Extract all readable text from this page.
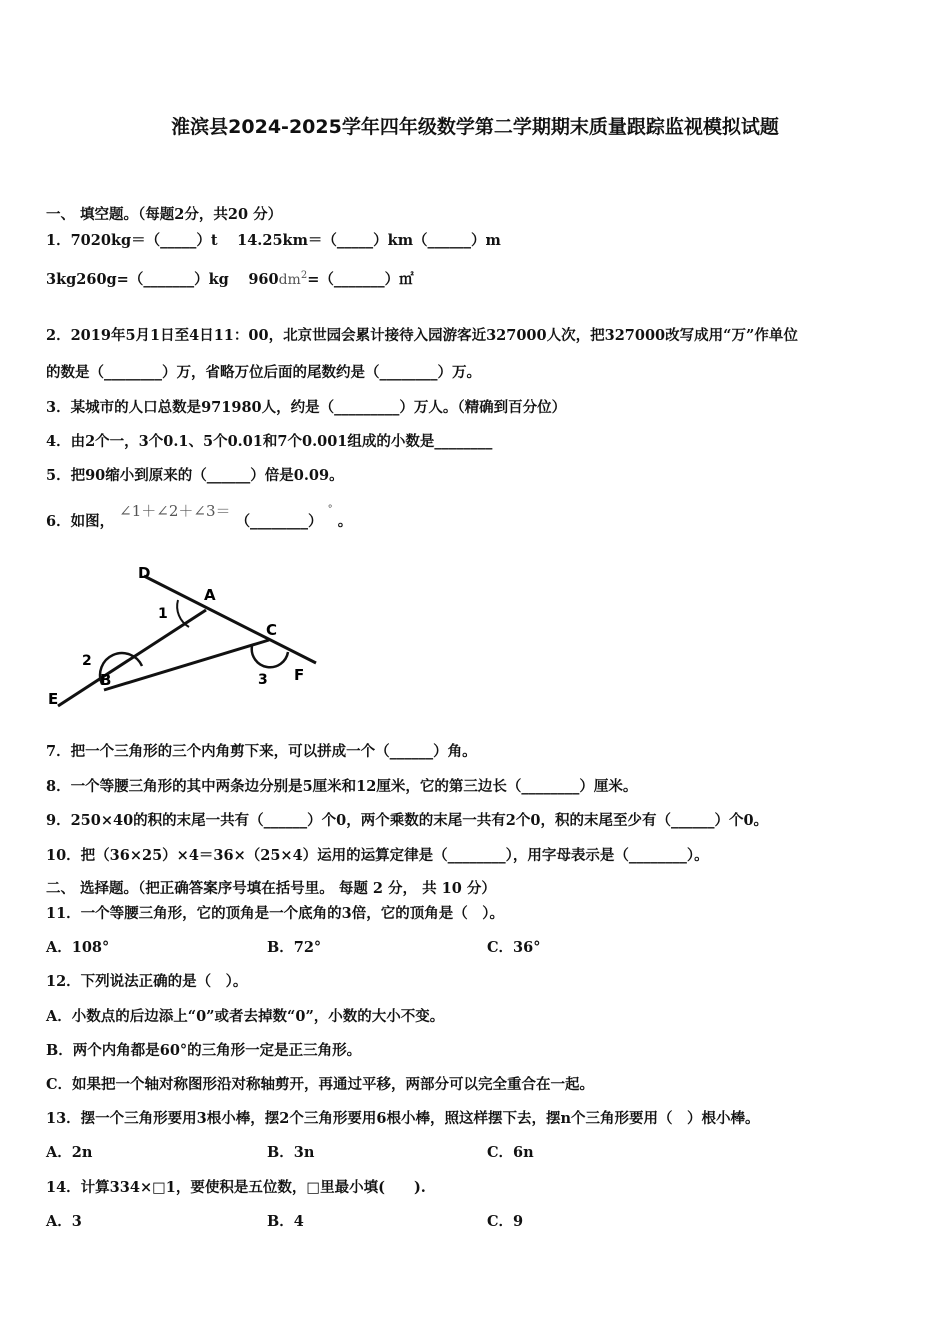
淮滨县2024-2025学年四年级数学第二学期期末质量跟踪监视模拟试题
一、 填空题。（每题2分，共20 分）
1．7020kg＝（_____）t　 14.25km＝（_____）km（______）m
3kg260g=（_______）kg　 $960dm^2=(\_\_\_\_\_\_\_)㎡$
2．2019年5月1日至4日11：00，北京世园会累计接待入园游客近327000人次，把327000改写成用“万”作单位
的数是（________）万，省略万位后面的尾数约是（________）万。
3．某城市的人口总数是971980人，约是（_________）万人。（精确到百分位）
4．由2个一，3个0.1、5个0.01和7个0.001组成的小数是________
5．把90缩小到原来的（______）倍是0.09。
6．如图， ∠1＋∠2＋∠3＝ （________） ° 。
D
A
C
F
B
E
1
2
3
7．把一个三角形的三个内角剪下来，可以拼成一个（______）角。
8．一个等腰三角形的其中两条边分别是5厘米和12厘米，它的第三边长（________）厘米。
9．250×40的积的末尾一共有（______）个0，两个乘数的末尾一共有2个0，积的末尾至少有（______）个0。
10．把（36×25）×4＝36×（25×4）运用的运算定律是（________），用字母表示是（________）。
二、 选择题。（把正确答案序号填在括号里。 每题 2 分， 共 10 分）
11．一个等腰三角形，它的顶角是一个底角的3倍，它的顶角是（　）。
A．108°	B．72°	C．36°
12．下列说法正确的是（　）。
A．小数点的后边添上“0”或者去掉数“0”，小数的大小不变。
B．两个内角都是60°的三角形一定是正三角形。
C．如果把一个轴对称图形沿对称轴剪开，再通过平移，两部分可以完全重合在一起。
13．摆一个三角形要用3根小棒，摆2个三角形要用6根小棒，照这样摆下去，摆n个三角形要用（　）根小棒。
A．2n	B．3n	C．6n
14．计算334×□1，要使积是五位数，□里最小填(　　).
A．3	B．4	C．9
